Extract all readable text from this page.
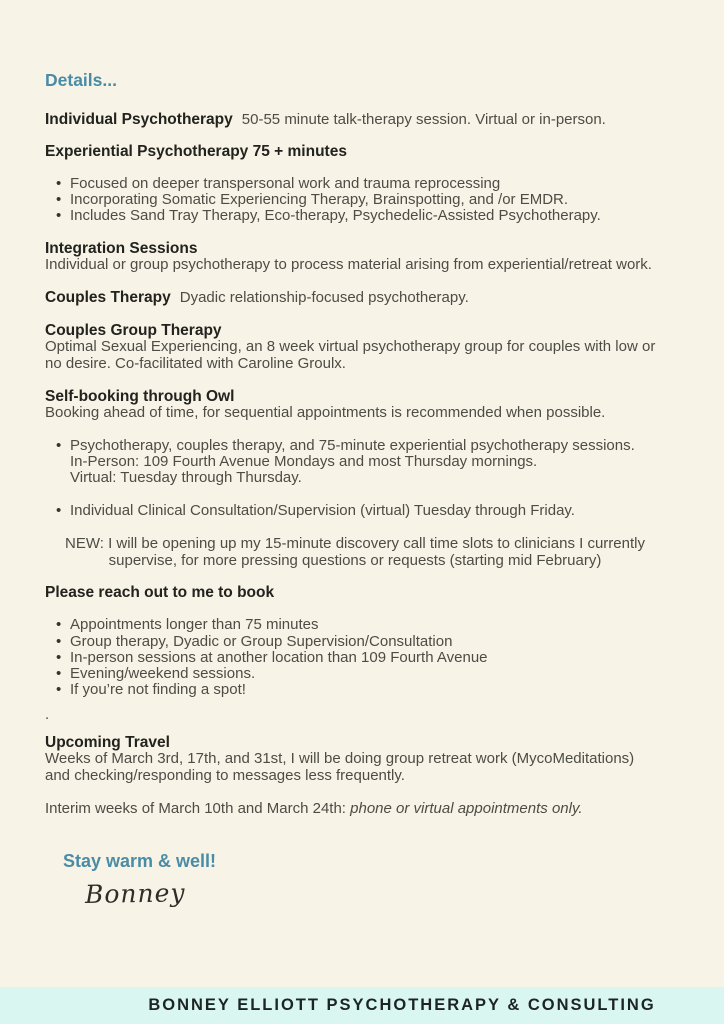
Details...

Individual Psychotherapy 50-55 minute talk-therapy session. Virtual or in-person.

Experiential Psychotherapy 75 + minutes
• Focused on deeper transpersonal work and trauma reprocessing
• Incorporating Somatic Experiencing Therapy, Brainspotting, and /or EMDR.
• Includes Sand Tray Therapy, Eco-therapy, Psychedelic-Assisted Psychotherapy.
Integration Sessions

Individual or group psychotherapy to process material arising from experiential/retreat work.

Couples Therapy Dyadic relationship-focused psychotherapy.

Couples Group Therapy

Optimal Sexual Experiencing, an 8 week virtual psychotherapy group for couples with low or
no desire. Co-facilitated with Caroline Groulx.

Self-booking through Owl

Booking ahead of time, for sequential appointments is recommended when possible.

• Psychotherapy, couples therapy, and 75-minute experiential psychotherapy sessions.
In-Person: 109 Fourth Avenue Mondays and most Thursday mornings.
Virtual: Tuesday through Thursday.
• Individual Clinical Consultation/Supervision (virtual) Tuesday through Friday.

NEW: I will be opening up my 15-minute discovery call time slots to clinicians I currently
supervise, for more pressing questions or requests (starting mid February)

Please reach out to me to book
• Appointments longer than 75 minutes
• Group therapy, Dyadic or Group Supervision/Consultation
• In-person sessions at another location than 109 Fourth Avenue
• Evening/weekend sessions.
• If you’re not finding a spot!

.

Upcoming Travel

Weeks of March 3rd, 17th, and 31st, I will be doing group retreat work (MycoMeditations)
and checking/responding to messages less frequently.

Interim weeks of March 10th and March 24th: phone or virtual appointments only.

Stay warm & well!

Bonney

BONNEY ELLIOTT PSYCHOTHERAPY & CONSULTING
